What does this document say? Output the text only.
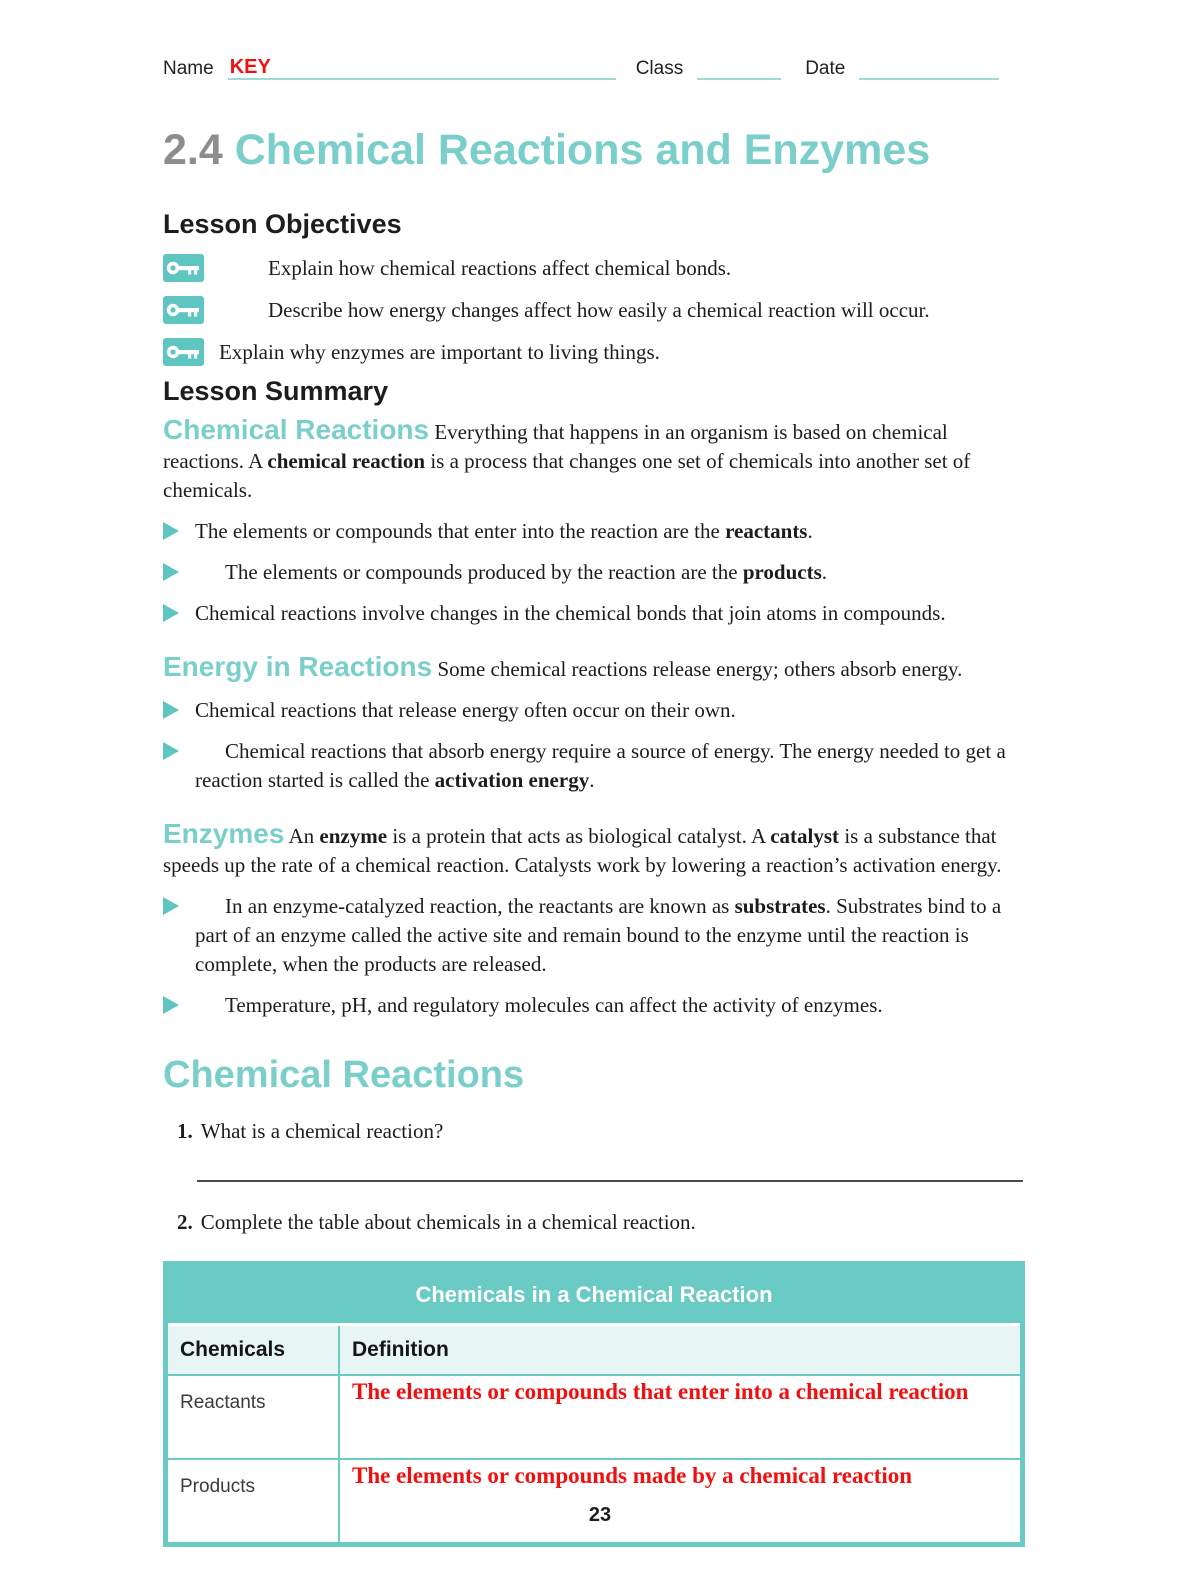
Name KEY	Class	Date
2.4 Chemical Reactions and Enzymes
Lesson Objectives
Explain how chemical reactions affect chemical bonds.
Describe how energy changes affect how easily a chemical reaction will occur.
Explain why enzymes are important to living things.
Lesson Summary

Chemical Reactions Everything that happens in an organism is based on chemical reactions. A chemical reaction is a process that changes one set of chemicals into another set of chemicals.

The elements or compounds that enter into the reaction are the reactants.
The elements or compounds produced by the reaction are the products.
Chemical reactions involve changes in the chemical bonds that join atoms in compounds.

Energy in Reactions Some chemical reactions release energy; others absorb energy.

Chemical reactions that release energy often occur on their own.
Chemical reactions that absorb energy require a source of energy. The energy needed to get a reaction started is called the activation energy.

Enzymes An enzyme is a protein that acts as biological catalyst. A catalyst is a substance that speeds up the rate of a chemical reaction. Catalysts work by lowering a reaction’s activation energy.

In an enzyme-catalyzed reaction, the reactants are known as substrates. Substrates bind to a part of an enzyme called the active site and remain bound to the enzyme until the reaction is complete, when the products are released.
Temperature, pH, and regulatory molecules can affect the activity of enzymes.
Chemical Reactions
1. What is a chemical reaction?
2. Complete the table about chemicals in a chemical reaction.
Chemicals in a Chemical Reaction
Chemicals	Definition
Reactants	The elements or compounds that enter into a chemical reaction
Products	The elements or compounds made by a chemical reaction
23
